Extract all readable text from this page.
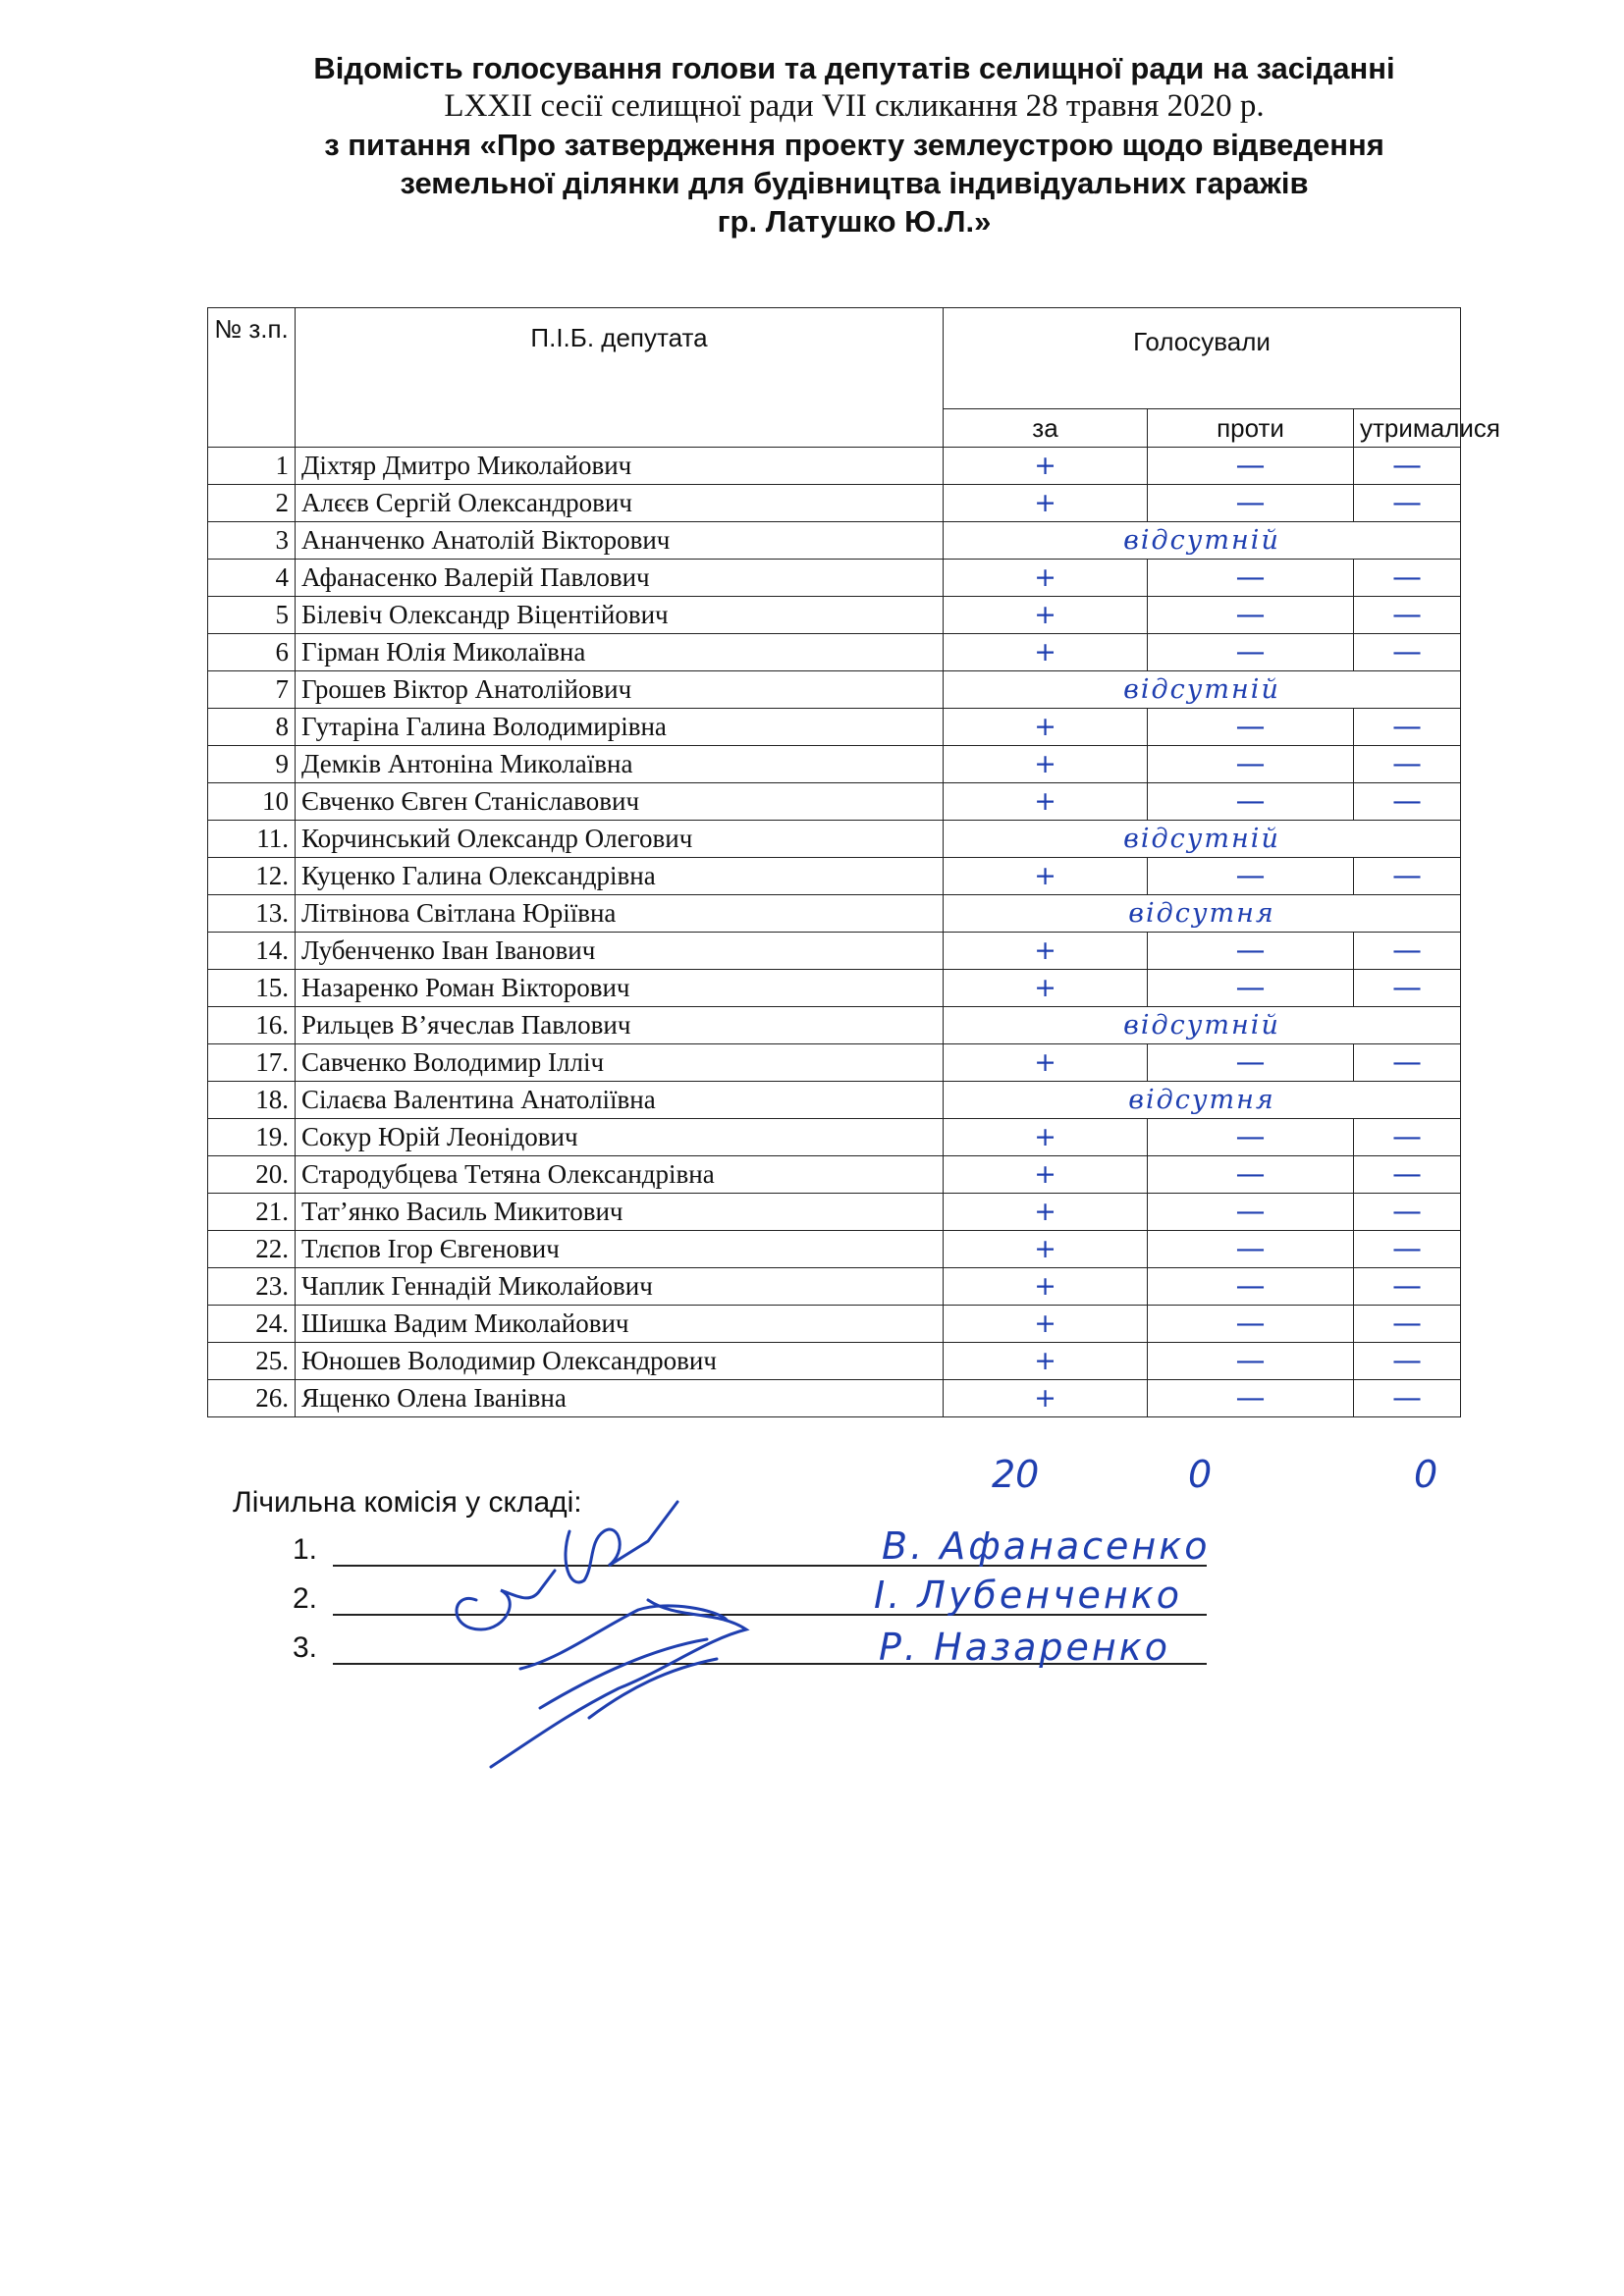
Відомість голосування голови та депутатів селищної ради на засіданні
LXXII сесії селищної ради VII скликання 28 травня 2020 р.
з питання «Про затвердження проекту землеустрою щодо відведення
земельної ділянки для будівництва індивідуальних гаражів
гр. Латушко Ю.Л.»
№ з.п.	П.І.Б. депутата	Голосували		
		за	проти	утрималися
1	Діхтяр Дмитро Миколайович	+	—	—
2	Алєєв Сергій Олександрович	+	—	—
3	Ананченко Анатолій Вікторович	відсутній		
4	Афанасенко Валерій Павлович	+	—	—
5	Білевіч Олександр Віцентійович	+	—	—
6	Гірман Юлія Миколаївна	+	—	—
7	Грошев Віктор Анатолійович	відсутній		
8	Гутаріна Галина Володимирівна	+	—	—
9	Демків Антоніна Миколаївна	+	—	—
10	Євченко Євген Станіславович	+	—	—
11.	Корчинський Олександр Олегович	відсутній		
12.	Куценко Галина Олександрівна	+	—	—
13.	Літвінова Світлана Юріївна	відсутня		
14.	Лубенченко Іван Іванович	+	—	—
15.	Назаренко Роман Вікторович	+	—	—
16.	Рильцев В’ячеслав Павлович	відсутній		
17.	Савченко Володимир Ілліч	+	—	—
18.	Сілаєва Валентина Анатоліївна	відсутня		
19.	Сокур Юрій Леонідович	+	—	—
20.	Стародубцева Тетяна Олександрівна	+	—	—
21.	Тат’янко Василь Микитович	+	—	—
22.	Тлєпов Ігор Євгенович	+	—	—
23.	Чаплик Геннадій Миколайович	+	—	—
24.	Шишка Вадим Миколайович	+	—	—
25.	Юношев Володимир Олександрович	+	—	—
26.	Ященко Олена Іванівна	+	—	—
20	0	0
Лічильна комісія у складі:
1.
2.
3.
В. Афанасенко
І. Лубенченко
Р. Назаренко
